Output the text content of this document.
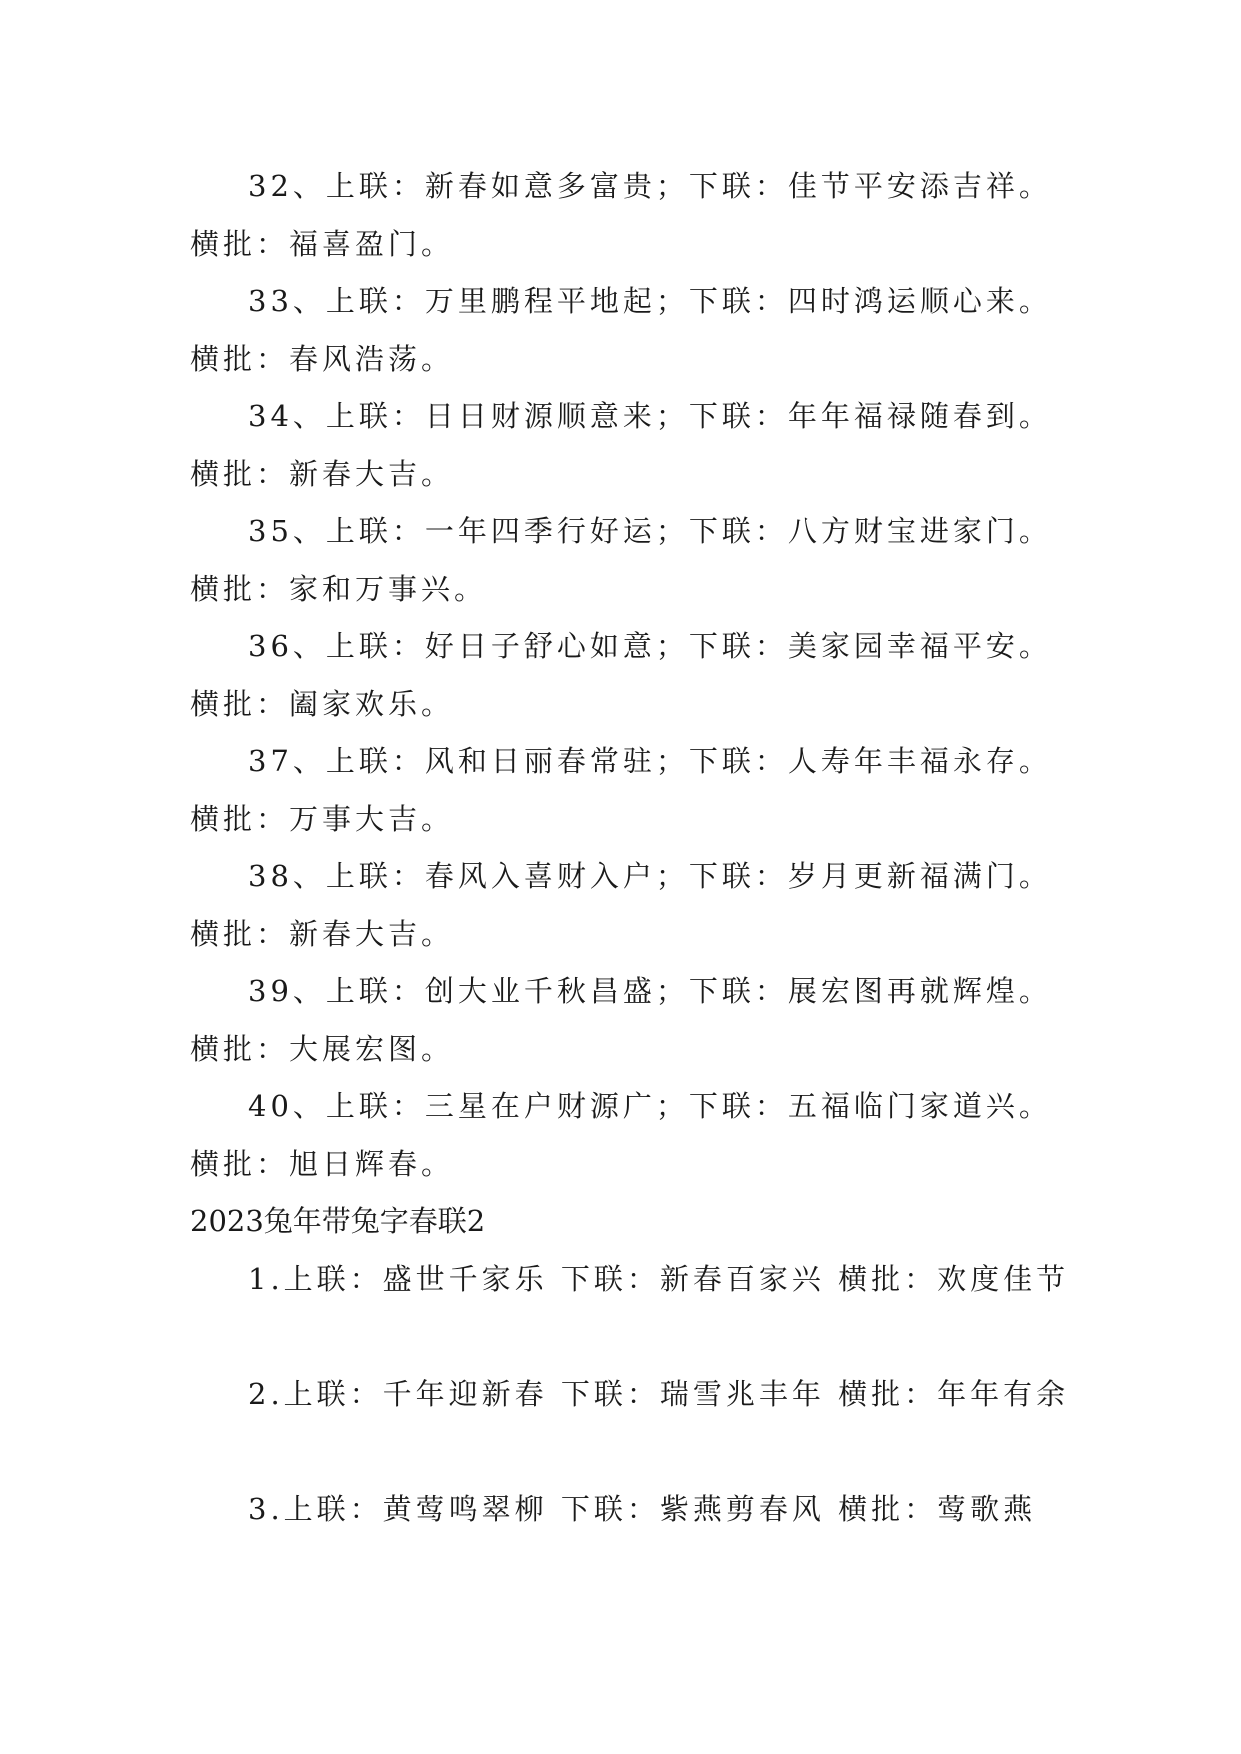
32、上联：新春如意多富贵；下联：佳节平安添吉祥。横批：福喜盈门。

33、上联：万里鹏程平地起；下联：四时鸿运顺心来。横批：春风浩荡。

34、上联：日日财源顺意来；下联：年年福禄随春到。横批：新春大吉。

35、上联：一年四季行好运；下联：八方财宝进家门。横批：家和万事兴。

36、上联：好日子舒心如意；下联：美家园幸福平安。横批：阖家欢乐。

37、上联：风和日丽春常驻；下联：人寿年丰福永存。横批：万事大吉。

38、上联：春风入喜财入户；下联：岁月更新福满门。横批：新春大吉。

39、上联：创大业千秋昌盛；下联：展宏图再就辉煌。横批：大展宏图。

40、上联：三星在户财源广；下联：五福临门家道兴。横批：旭日辉春。

2023兔年带兔字春联2

1.上联：盛世千家乐 下联：新春百家兴 横批：欢度佳节

2.上联：千年迎新春 下联：瑞雪兆丰年 横批：年年有余

3.上联：黄莺鸣翠柳 下联：紫燕剪春风 横批：莺歌燕
